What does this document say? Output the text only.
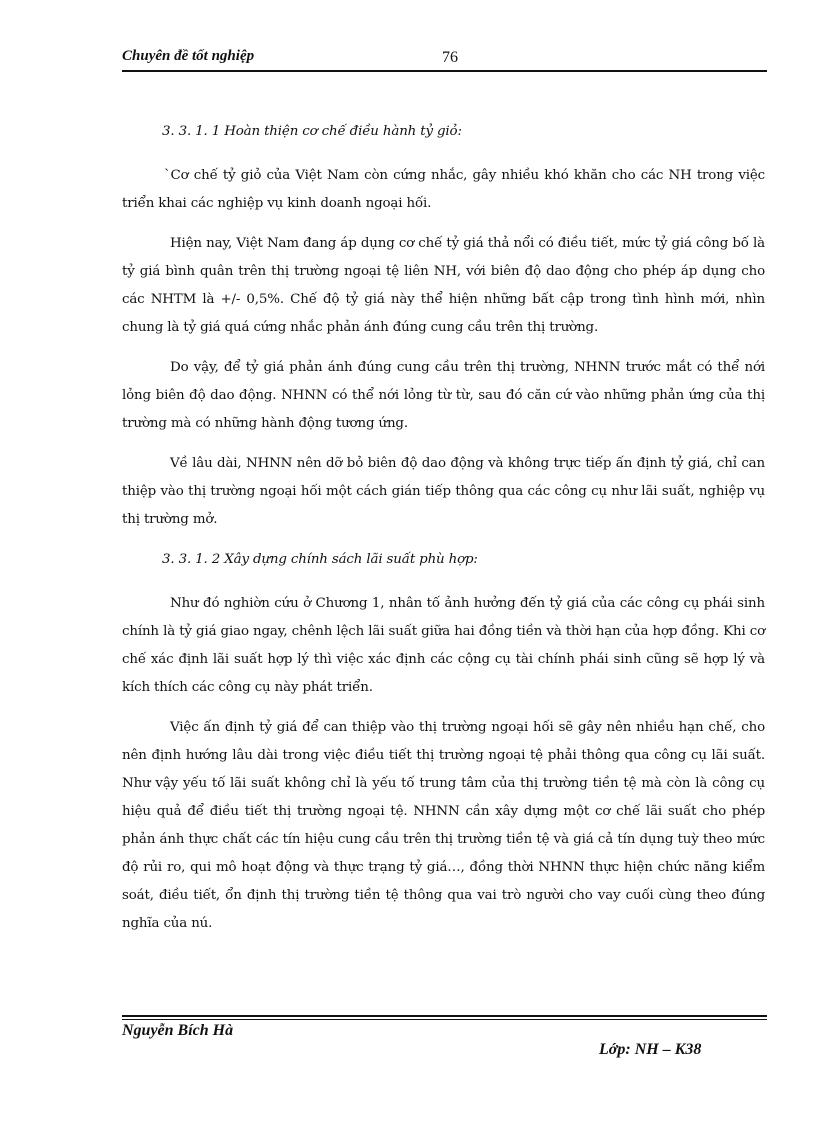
Chuyên đề tốt nghiệp	76
3. 3. 1. 1 Hoàn thiện cơ chế điều hành tỷ giỏ:

`Cơ chế tỷ giỏ của Việt Nam còn cứng nhắc, gây nhiều khó khăn cho các NH trong việc triển khai các nghiệp vụ kinh doanh ngoại hối.

Hiện nay, Việt Nam đang áp dụng cơ chế tỷ giá thả nổi có điều tiết, mức tỷ giá công bố là tỷ giá bình quân trên thị trường ngoại tệ liên NH, với biên độ dao động cho phép áp dụng cho các NHTM là +/- 0,5%. Chế độ tỷ giá này thể hiện những bất cập trong tình hình mới, nhìn chung là tỷ giá quá cứng nhắc phản ánh đúng cung cầu trên thị trường.

Do vậy, để tỷ giá phản ánh đúng cung cầu trên thị trường, NHNN trước mắt có thể nới lỏng biên độ dao động. NHNN có thể nới lỏng từ từ, sau đó căn cứ vào những phản ứng của thị trường mà có những hành động tương ứng.

Về lâu dài, NHNN nên dỡ bỏ biên độ dao động và không trực tiếp ấn định tỷ giá, chỉ can thiệp vào thị trường ngoại hối một cách gián tiếp thông qua các công cụ như lãi suất, nghiệp vụ thị trường mở.

3. 3. 1. 2 Xây dựng chính sách lãi suất phù hợp:

Như đó nghiờn cứu ở Chương 1, nhân tố ảnh hưởng đến tỷ giá của các công cụ phái sinh chính là tỷ giá giao ngay, chênh lệch lãi suất giữa hai đồng tiền và thời hạn của hợp đồng. Khi cơ chế xác định lãi suất hợp lý thì việc xác định các cộng cụ tài chính phái sinh cũng sẽ hợp lý và kích thích các công cụ này phát triển.

Việc ấn định tỷ giá để can thiệp vào thị trường ngoại hối sẽ gây nên nhiều hạn chế, cho nên định hướng lâu dài trong việc điều tiết thị trường ngoại tệ phải thông qua công cụ lãi suất. Như vậy yếu tố lãi suất không chỉ là yếu tố trung tâm của thị trường tiền tệ mà còn là công cụ hiệu quả để điều tiết thị trường ngoại tệ. NHNN cần xây dựng một cơ chế lãi suất cho phép phản ánh thực chất các tín hiệu cung cầu trên thị trường tiền tệ và giá cả tín dụng tuỳ theo mức độ rủi ro, qui mô hoạt động và thực trạng tỷ giá…, đồng thời NHNN thực hiện chức năng kiểm soát, điều tiết, ổn định thị trường tiền tệ thông qua vai trò người cho vay cuối cùng theo đúng nghĩa của nú.

Nguyễn Bích Hà
Lớp: NH – K38
